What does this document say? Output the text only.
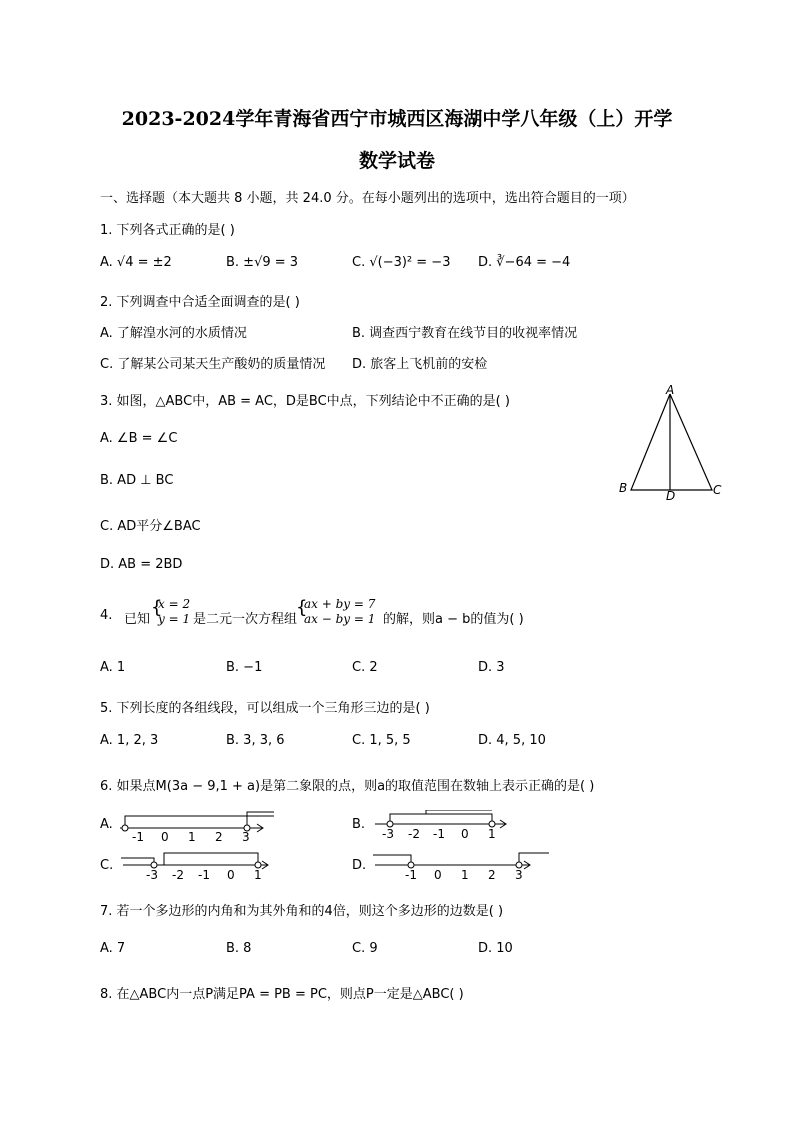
2023-2024学年青海省西宁市城西区海湖中学八年级（上）开学
数学试卷
一、选择题（本大题共 8 小题，共 24.0 分。在每小题列出的选项中，选出符合题目的一项）
1. 下列各式正确的是( )
A. √4 = ±2	B. ±√9 = 3	C. √(−3)² = −3 D. ∛−64 = −4
2. 下列调查中合适全面调查的是( )
A. 了解湟水河的水质情况	B. 调查西宁教育在线节目的收视率情况
C. 了解某公司某天生产酸奶的质量情况 D. 旅客上飞机前的安检
3. 如图，△ABC中，AB = AC，D是BC中点，下列结论中不正确的是( )
A. ∠B = ∠C
B. AD ⊥ BC
C. AD平分∠BAC
D. AB = 2BD
A
B	C
D
4. 已知
{
x = 2
y = 1 是二元一次方程组
{
ax + by = 7
ax − by = 1 的解，则a − b的值为( )
A. 1	B. −1	C. 2	D. 3
5. 下列长度的各组线段，可以组成一个三角形三边的是( )
A. 1, 2, 3	B. 3, 3, 6	C. 1, 5, 5	D. 4, 5, 10
6. 如果点M(3a − 9,1 + a)是第二象限的点，则a的取值范围在数轴上表示正确的是( )
A.
-1 0 1 2 3
B.
-3 -2 -1 0 1
C.
-3 -2 -1 0 1
D.
-1 0 1 2 3
7. 若一个多边形的内角和为其外角和的4倍，则这个多边形的边数是( )
A. 7	B. 8	C. 9	D. 10
8. 在△ABC内一点P满足PA = PB = PC，则点P一定是△ABC( )
